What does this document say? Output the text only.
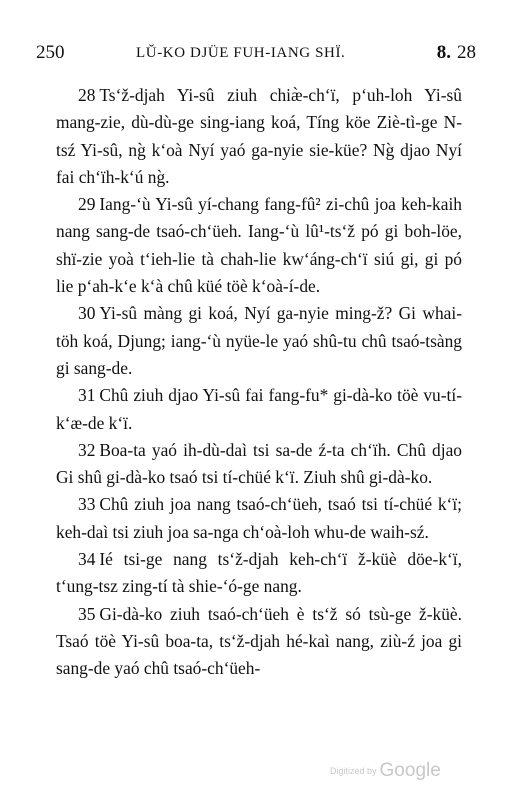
250	LŬ-KO DJÜE FUH-IANG SHÏ.	8. 28

28 Ts‘ž-djah Yi-sû ziuh chiæ̀-ch‘ï, p‘uh-loh Yi-sû mang-zie, dù-dù-ge sing-iang koá, Tíng köe Ziè-tì-ge N-tsź Yi-sû, ng̀ k‘oà Nyí yaó ga-nyie sie-küe? Ng̀ djao Nyí fai ch‘ïh-k‘ú ng̀.

29 Iang-‘ù Yi-sû yí-chang fang-fû² zi-chû joa keh-kaih nang sang-de tsaó-ch‘üeh. Iang-‘ù lû¹-ts‘ž pó gi boh-löe, shï-zie yoà t‘ieh-lie tà chah-lie kw‘áng-ch‘ï siú gi, gi pó lie p‘ah-k‘e k‘à chû küé töè k‘oà-í-de.

30 Yi-sû màng gi koá, Nyí ga-nyie ming-ž? Gi whai-töh koá, Djung; iang-‘ù nyüe-le yaó shû-tu chû tsaó-tsàng gi sang-de.

31 Chû ziuh djao Yi-sû fai fang-fu* gi-dà-ko töè vu-tí-k‘æ-de k‘ï.

32 Boa-ta yaó ih-dù-daì tsi sa-de ź-ta ch‘ïh. Chû djao Gi shû gi-dà-ko tsaó tsi tí-chüé k‘ï. Ziuh shû gi-dà-ko.

33 Chû ziuh joa nang tsaó-ch‘üeh, tsaó tsi tí-chüé k‘ï; keh-daì tsi ziuh joa sa-nga ch‘oà-loh whu-de waih-sź.

34 Ié tsi-ge nang ts‘ž-djah keh-ch‘ï ž-küè döe-k‘ï, t‘ung-tsz zing-tí tà shie-‘ó-ge nang.

35 Gi-dà-ko ziuh tsaó-ch‘üeh è ts‘ž só tsù-ge ž-küè. Tsaó töè Yi-sû boa-ta, ts‘ž-djah hé-kaì nang, ziù-ź joa gi sang-de yaó chû tsaó-ch‘üeh-

Digitized by Google
